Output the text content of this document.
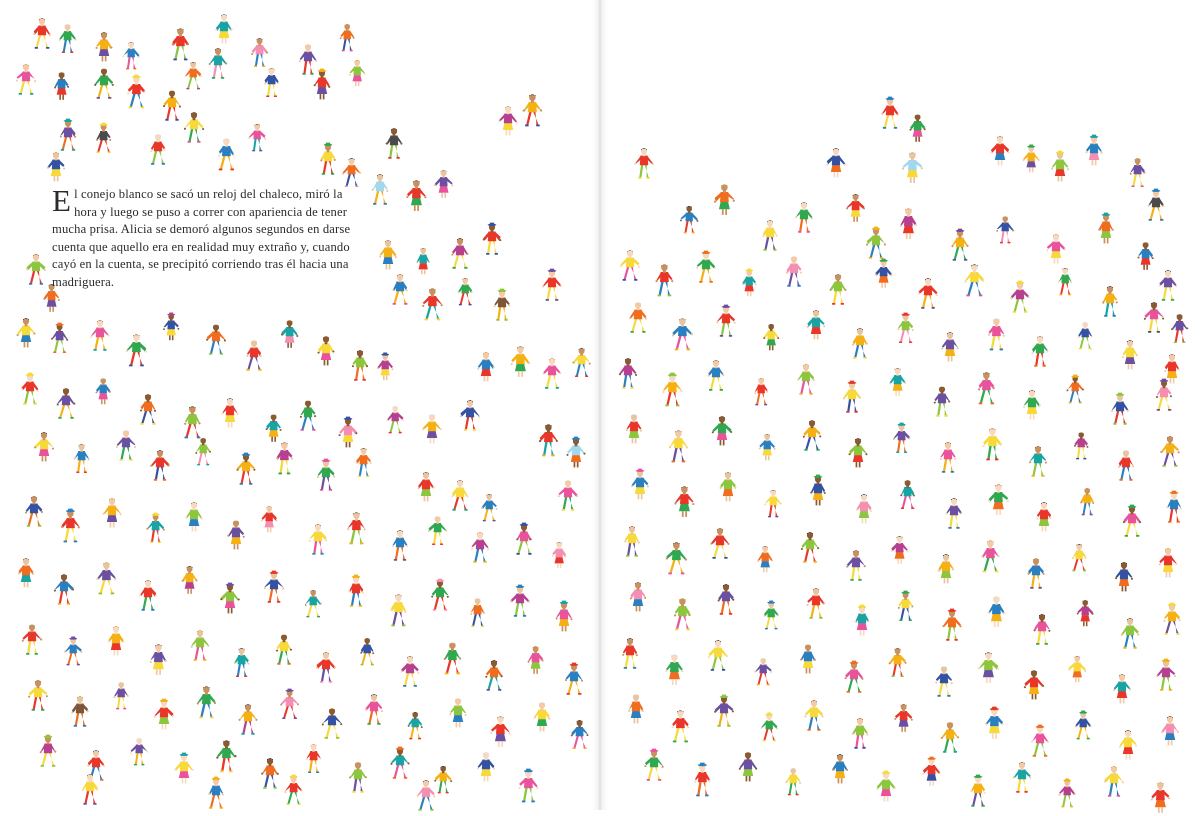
El conejo blanco se sacó un reloj del chaleco, miró la hora y luego se puso a correr con apariencia de tener mucha prisa. Alicia se demoró algunos segundos en darse cuenta que aquello era en realidad muy extraño y, cuando cayó en la cuenta, se precipitó corriendo tras él hacia una madriguera.
